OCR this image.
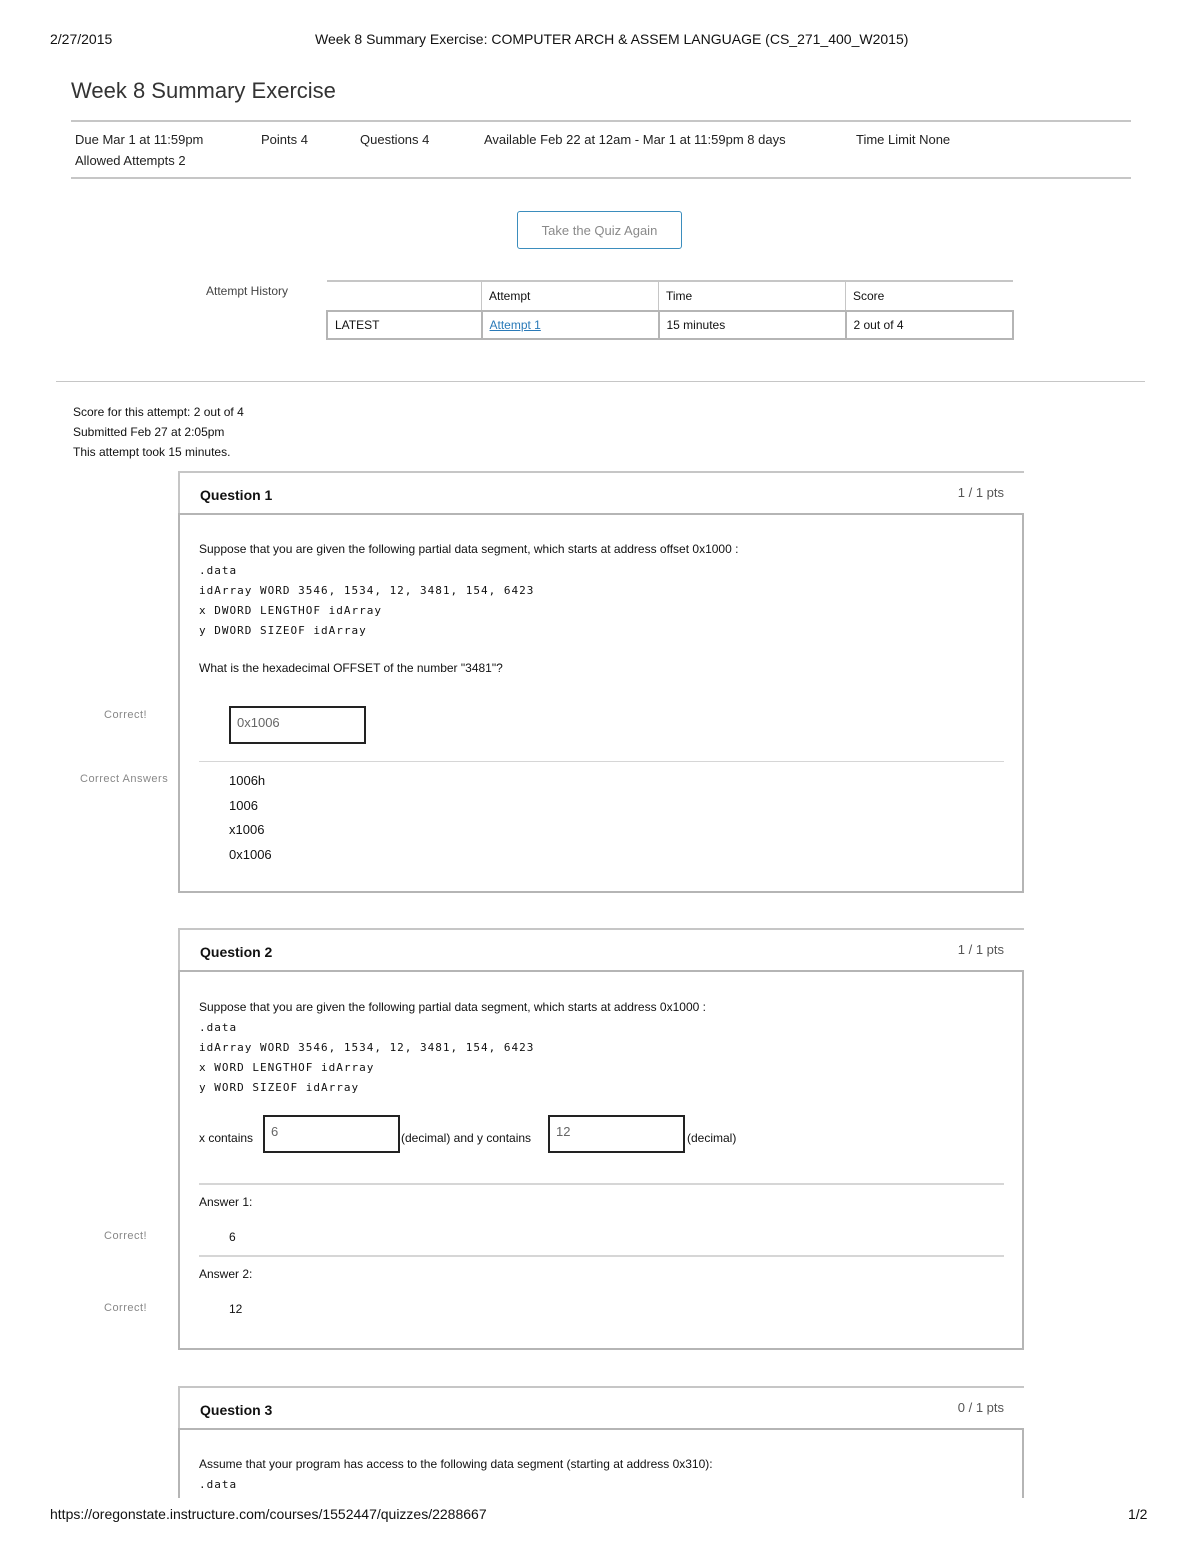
2/27/2015	Week 8 Summary Exercise: COMPUTER ARCH & ASSEM LANGUAGE (CS_271_400_W2015)
Week 8 Summary Exercise
Due Mar 1 at 11:59pm	Points 4	Questions 4	Available Feb 22 at 12am - Mar 1 at 11:59pm 8 days	Time Limit None
Allowed Attempts 2
Take the Quiz Again
Attempt History
		Attempt	Time	Score
LATEST	Attempt 1	15 minutes	2 out of 4
Score for this attempt: 2 out of 4
Submitted Feb 27 at 2:05pm
This attempt took 15 minutes.
Question 1	1 / 1 pts
Suppose that you are given the following partial data segment, which starts at address offset 0x1000 :
.data
idArray WORD 3546, 1534, 12, 3481, 154, 6423
x DWORD LENGTHOF idArray
y DWORD SIZEOF idArray
What is the hexadecimal OFFSET of the number "3481"?
0x1006
1006h
1006
x1006
0x1006
Correct!
Correct Answers
Question 2	1 / 1 pts
Suppose that you are given the following partial data segment, which starts at address 0x1000 :
.data
idArray WORD 3546, 1534, 12, 3481, 154, 6423
x WORD LENGTHOF idArray
y WORD SIZEOF idArray
x contains	6	(decimal) and y contains	12	(decimal)
Answer 1:
6
Answer 2:
12
Correct!
Correct!
Question 3	0 / 1 pts
Assume that your program has access to the following data segment (starting at address 0x310):
.data
https://oregonstate.instructure.com/courses/1552447/quizzes/2288667	1/2
